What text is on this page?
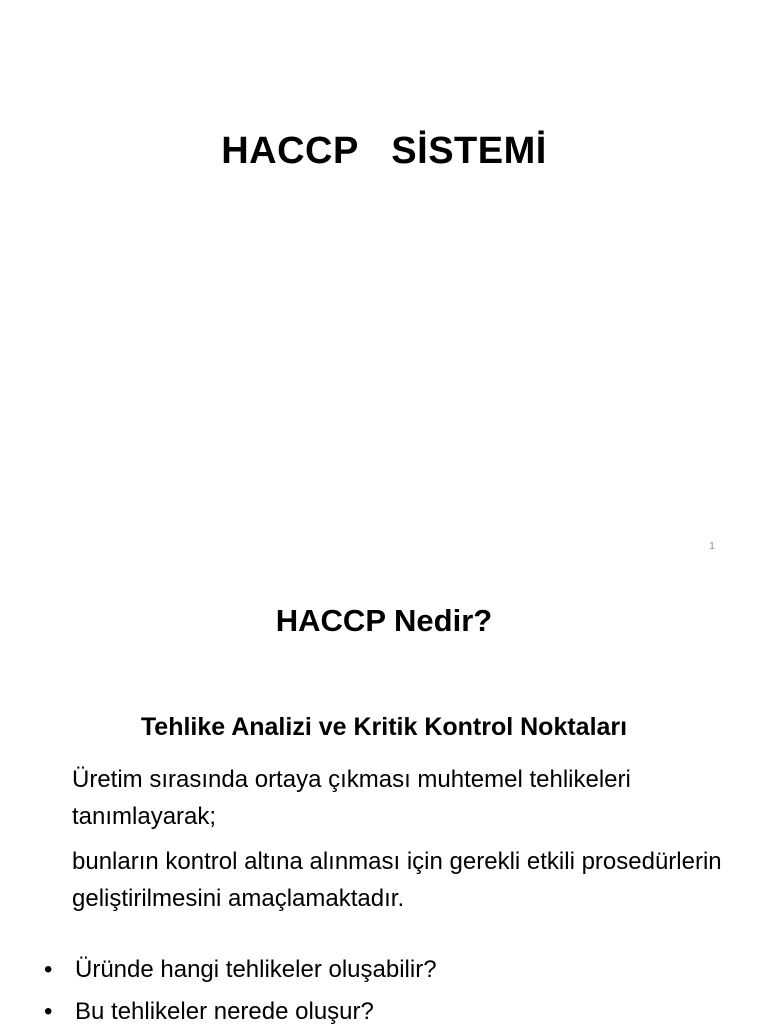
HACCP   SİSTEMİ
1
HACCP Nedir?
Tehlike Analizi ve Kritik Kontrol Noktaları

Üretim sırasında ortaya çıkması muhtemel tehlikeleri tanımlayarak;

bunların kontrol altına alınması için gerekli etkili prosedürlerin geliştirilmesini amaçlamaktadır.

• Üründe hangi tehlikeler oluşabilir?
• Bu tehlikeler nerede oluşur?
